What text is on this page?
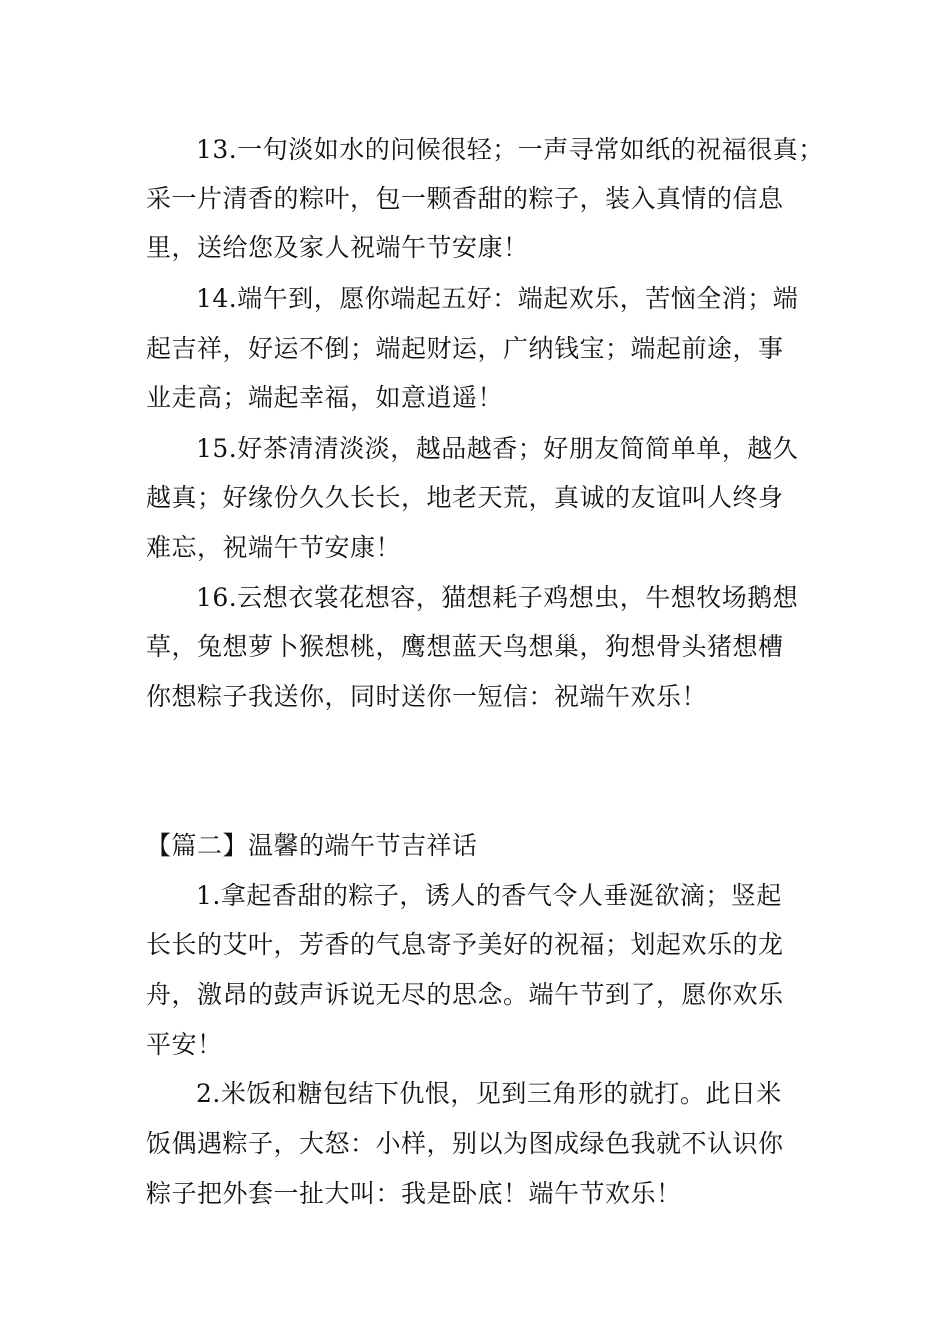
13.一句淡如水的问候很轻；一声寻常如纸的祝福很真；
采一片清香的粽叶，包一颗香甜的粽子，装入真情的信息
里，送给您及家人祝端午节安康！
14.端午到，愿你端起五好：端起欢乐，苦恼全消；端
起吉祥，好运不倒；端起财运，广纳钱宝；端起前途，事
业走高；端起幸福，如意逍遥！
15.好茶清清淡淡，越品越香；好朋友简简单单，越久
越真；好缘份久久长长，地老天荒，真诚的友谊叫人终身
难忘，祝端午节安康！
16.云想衣裳花想容，猫想耗子鸡想虫，牛想牧场鹅想
草，兔想萝卜猴想桃，鹰想蓝天鸟想巢，狗想骨头猪想槽
你想粽子我送你，同时送你一短信：祝端午欢乐！
【篇二】温馨的端午节吉祥话
1.拿起香甜的粽子，诱人的香气令人垂涎欲滴；竖起
长长的艾叶，芳香的气息寄予美好的祝福；划起欢乐的龙
舟，激昂的鼓声诉说无尽的思念。端午节到了，愿你欢乐
平安！
2.米饭和糖包结下仇恨，见到三角形的就打。此日米
饭偶遇粽子，大怒：小样，别以为图成绿色我就不认识你
粽子把外套一扯大叫：我是卧底！端午节欢乐！
